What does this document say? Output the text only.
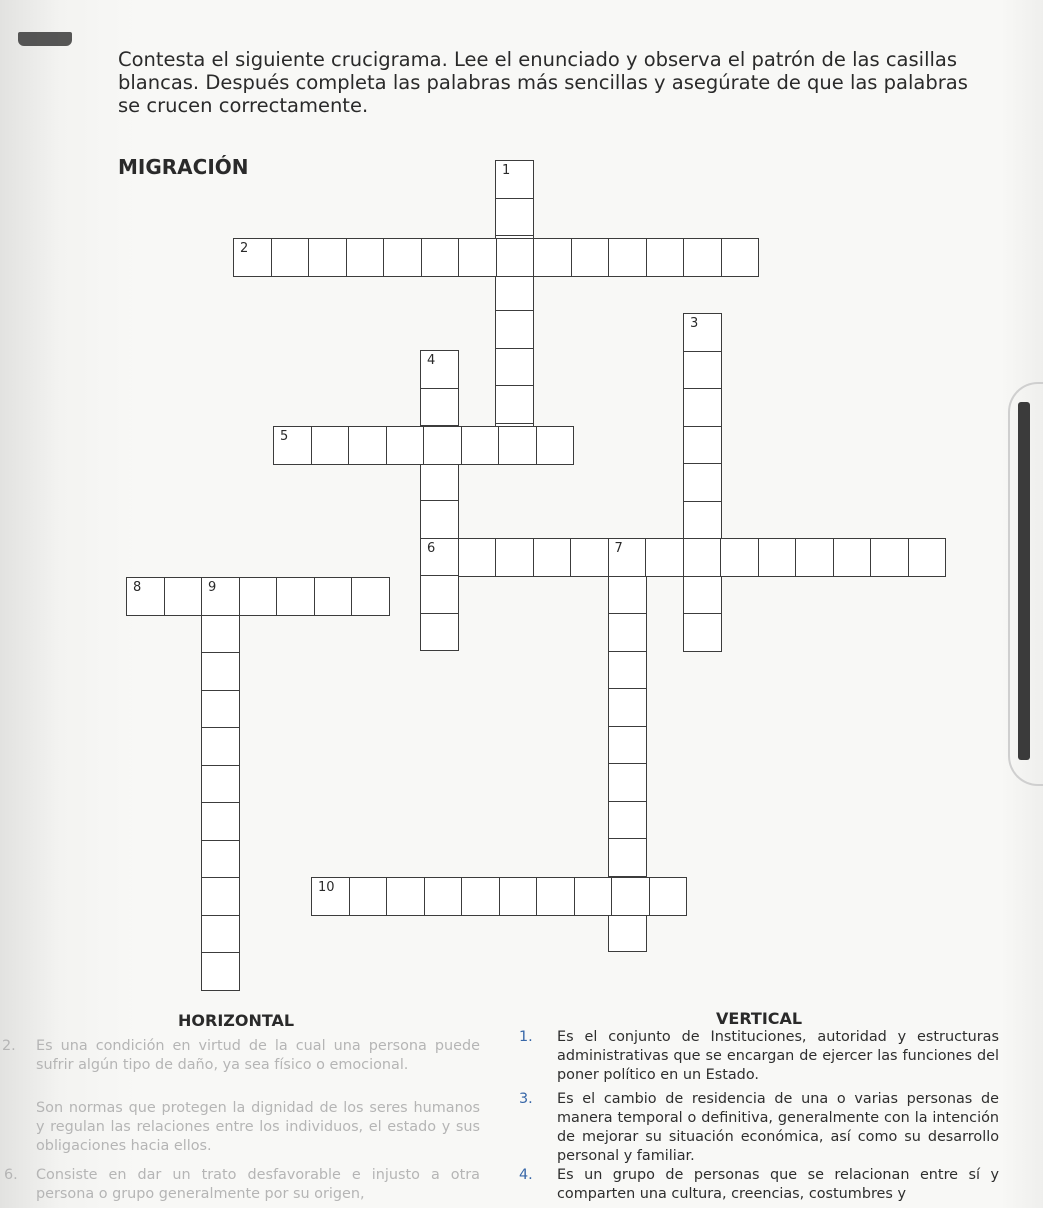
Contesta el siguiente crucigrama. Lee el enunciado y observa el patrón de las casillas blancas. Después completa las palabras más sencillas y asegúrate de que las palabras se crucen correctamente.
MIGRACIÓN	1
2
3
4
6
5
7
8	9
10
HORIZONTAL	VERTICAL
2. Es una condición en virtud de la cual una persona puede sufrir algún tipo de daño, ya sea físico o emocional.
Son normas que protegen la dignidad de los seres humanos y regulan las relaciones entre los individuos, el estado y sus obligaciones hacia ellos.
6. Consiste en dar un trato desfavorable e injusto a otra persona o grupo generalmente por su origen,
1. Es el conjunto de Instituciones, autoridad y estructuras administrativas que se encargan de ejercer las funciones del poner político en un Estado.
3. Es el cambio de residencia de una o varias personas de manera temporal o definitiva, generalmente con la intención de mejorar su situación económica, así como su desarrollo personal y familiar.
4. Es un grupo de personas que se relacionan entre sí y comparten una cultura, creencias, costumbres y
